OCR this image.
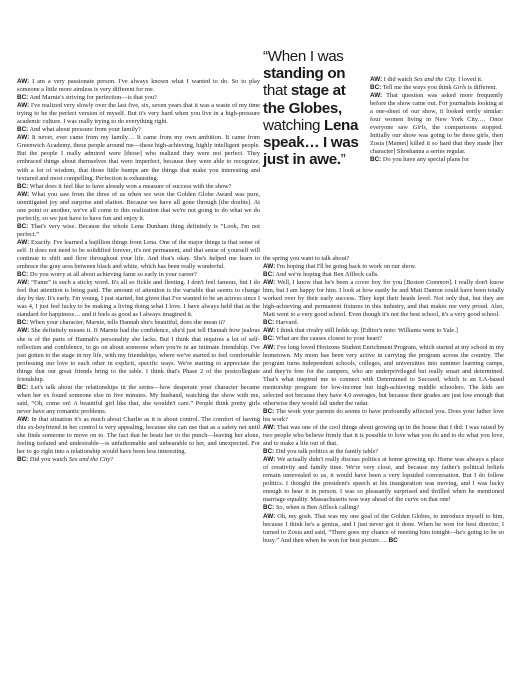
AW: I am a very passionate person. I've always known what I wanted to do. So to play someone a little more aimless is very different for me.

BC: And Marnie's striving for perfection—is that you?

AW: I've realized very slowly over the last five, six, seven years that it was a waste of my time trying to be the perfect version of myself. But it's very hard when you live in a high-pressure academic culture. I was really trying to do everything right.

BC: And what about pressure from your family?

AW: It never, ever came from my family… It came from my own ambition. It came from Greenwich Academy, these people around me—these high-achieving, highly intelligent people. But the people I really admired were [those] who realized they were not perfect. They embraced things about themselves that were imperfect, because they were able to recognize, with a lot of wisdom, that those little bumps are the things that make you interesting and textured and most compelling. Perfection is exhausting.

BC: What does it feel like to have already won a measure of success with the show?

AW: What you saw from the three of us when we won the Golden Globe Award was pure, unmitigated joy and surprise and elation. Because we have all gone through [the doubts]. At one point or another, we've all come to this realization that we're not going to do what we do perfectly, so we just have to have fun and enjoy it.

BC: That's very wise. Because the whole Lena Dunham thing definitely is “Look, I'm not perfect.”

AW: Exactly. I've learned a bajillion things from Lena. One of the major things is that sense of self. It does not need to be solidified forever, it's not permanent, and that sense of yourself will continue to shift and flow throughout your life. And that's okay. She's helped me learn to embrace the gray area between black and white, which has been really wonderful.

BC: Do you worry at all about achieving fame so early in your career?

AW: “Fame” is such a sticky word. It's all so fickle and fleeting. I don't feel famous, but I do feel that attention is being paid. The amount of attention is the variable that seems to change day by day. It's early. I'm young, I just started, but given that I've wanted to be an actress since I was 4, I just feel lucky to be making a living doing what I love. I have always held that as the standard for happiness… and it feels as good as I always imagined it.

BC: When your character, Marnie, tells Hannah she's beautiful, does she mean it?

AW: She definitely means it. If Marnie had the confidence, she'd just tell Hannah how jealous she is of the parts of Hannah's personality she lacks. But I think that requires a lot of self-reflection and confidence, to go on about someone when you're in an intimate friendship. I've just gotten to the stage in my life, with my friendships, where we've started to feel comfortable professing our love to each other in explicit, specific ways. We're starting to appreciate the things that our great friends bring to the table. I think that's Phase 2 of the postcollegiate friendship.

BC: Let's talk about the relationships in the series—how desperate your character became when her ex found someone else in five minutes. My husband, watching the show with me, said, “Oh, come on! A beautiful girl like that, she wouldn't care.” People think pretty girls never have any romantic problems.

AW: In that situation it's as much about Charlie as it is about control. The comfort of having this ex-boyfriend in her control is very appealing, because she can use that as a safety net until she finds someone to move on to. The fact that he beats her to the punch—leaving her alone, feeling isolated and undesirable—is unfathomable and unbearable to her, and unexpected. For her to go right into a relationship would have been less interesting.

BC: Did you watch Sex and the City?

“When I was standing on that stage at the Globes, watching Lena speak… I was just in awe.”

AW: I did watch Sex and the City. I loved it.

BC: Tell me the ways you think Girls is different.

AW: That question was asked more frequently before the show came out. For journalists looking at a one-sheet of our show, it looked eerily similar: four women living in New York City.… Once everyone saw Girls, the comparisons stopped. Initially our show was going to be three girls, then Zosia [Mamet] killed it so hard that they made [her character] Shoshanna a series regular.

BC: Do you have any special plans for

the spring you want to talk about?

AW: I'm hoping that I'll be going back to work on our show.

BC: And we're hoping that Ben Affleck calls.

AW: Well, I know that he's been a cover boy for you [Boston Common]. I really don't know him, but I am happy for him. I look at how easily he and Matt Damon could have been totally worked over by their early success. They kept their heads level. Not only that, but they are high-achieving and permanent fixtures in this industry, and that makes me very proud. Also, Matt went to a very good school. Even though it's not the best school, it's a very good school.

BC: Harvard.

AW: I think that rivalry still holds up. [Editor's note: Williams went to Yale.]

BC: What are the causes closest to your heart?

AW: I've long loved Horizons Student Enrichment Program, which started at my school in my hometown. My mom has been very active in carrying the program across the country. The program turns independent schools, colleges, and universities into summer learning camps, and they're free for the campers, who are underprivileged but really smart and determined. That's what inspired me to connect with Determined to Succeed, which is an LA-based mentorship program for low-income but high-achieving middle schoolers. The kids are selected not because they have 4.0 averages, but because their grades are just low enough that otherwise they would fall under the radar.

BC: The work your parents do seems to have profoundly affected you. Does your father love his work?

AW: That was one of the cool things about growing up in the house that I did: I was raised by two people who believe firmly that it is possible to love what you do and to do what you love, and to make a life out of that.

BC: Did you talk politics at the family table?

AW: We actually didn't really discuss politics at home growing up. Home was always a place of creativity and family time. We're very close, and because my father's political beliefs remain unrevealed to us, it would have been a very lopsided conversation. But I do follow politics. I thought the president's speech at his inauguration was moving, and I was lucky enough to hear it in person. I was so pleasantly surprised and thrilled when he mentioned marriage equality. Massachusetts was way ahead of the curve on that one!

BC: So, when is Ben Affleck calling?

AW: Oh, my gosh. That was my one goal of the Golden Globes, to introduce myself to him, because I think he's a genius, and I just never got it done. When he won for best director, I turned to Zosia and said, “There goes my chance of meeting him tonight—he's going to be so busy.” And then when he won for best picture…. BC
